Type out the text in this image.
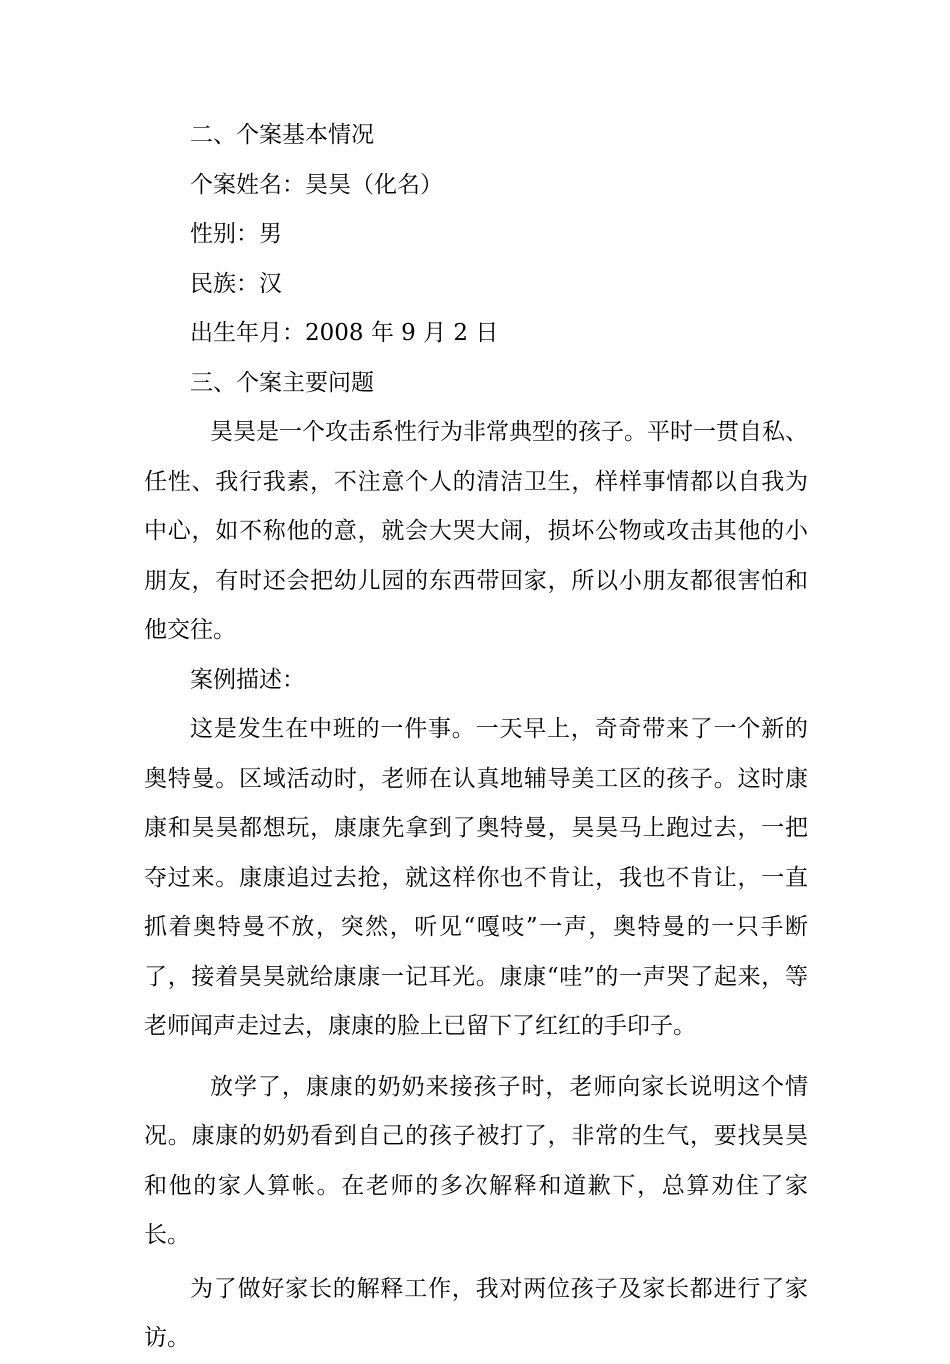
二、个案基本情况

个案姓名：昊昊（化名）

性别：男

民族：汉

出生年月：2008 年 9 月 2 日

三、个案主要问题

昊昊是一个攻击系性行为非常典型的孩子。平时一贯自私、任性、我行我素，不注意个人的清洁卫生，样样事情都以自我为中心，如不称他的意，就会大哭大闹，损坏公物或攻击其他的小朋友，有时还会把幼儿园的东西带回家，所以小朋友都很害怕和他交往。

案例描述：

这是发生在中班的一件事。一天早上，奇奇带来了一个新的奥特曼。区域活动时，老师在认真地辅导美工区的孩子。这时康康和昊昊都想玩，康康先拿到了奥特曼，昊昊马上跑过去，一把夺过来。康康追过去抢，就这样你也不肯让，我也不肯让，一直抓着奥特曼不放，突然，听见“嘎吱”一声，奥特曼的一只手断了，接着昊昊就给康康一记耳光。康康“哇”的一声哭了起来，等老师闻声走过去，康康的脸上已留下了红红的手印子。

放学了，康康的奶奶来接孩子时，老师向家长说明这个情况。康康的奶奶看到自己的孩子被打了，非常的生气，要找昊昊和他的家人算帐。在老师的多次解释和道歉下，总算劝住了家长。

为了做好家长的解释工作，我对两位孩子及家长都进行了家访。
